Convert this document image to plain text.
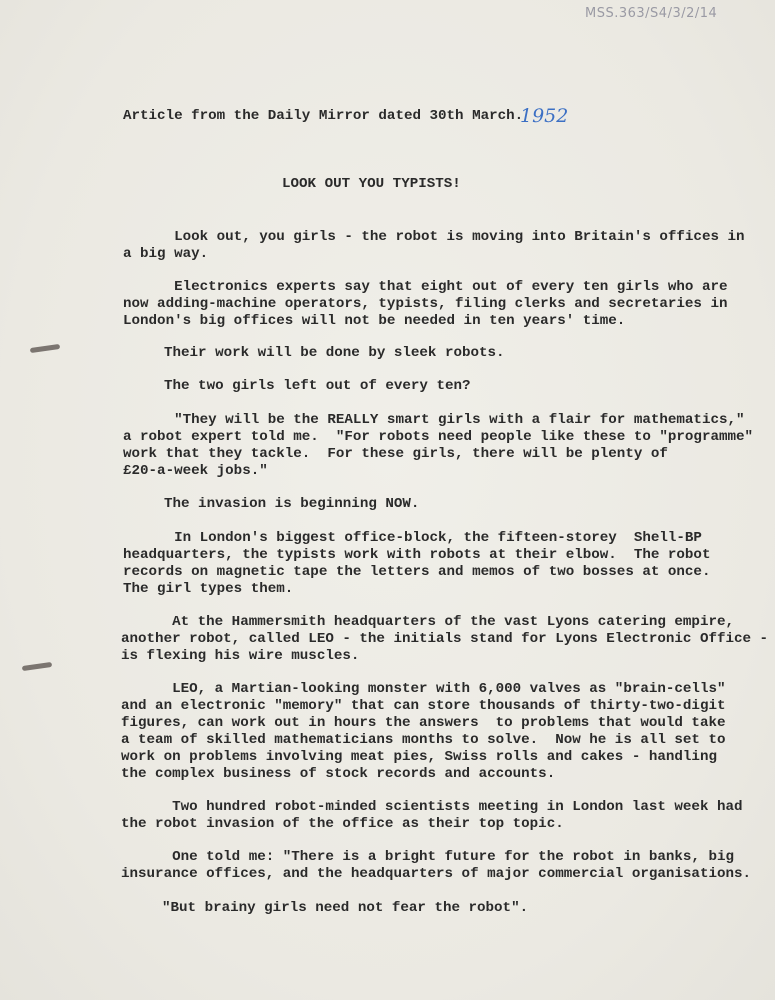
MSS.363/S4/3/2/14
Article from the Daily Mirror dated 30th March.
1952
LOOK OUT YOU TYPISTS!
Look out, you girls - the robot is moving into Britain's offices in
a big way.
Electronics experts say that eight out of every ten girls who are
now adding-machine operators, typists, filing clerks and secretaries in
London's big offices will not be needed in ten years' time.
Their work will be done by sleek robots.
The two girls left out of every ten?
"They will be the REALLY smart girls with a flair for mathematics,"
a robot expert told me.  "For robots need people like these to "programme"
work that they tackle.  For these girls, there will be plenty of
£20-a-week jobs."
The invasion is beginning NOW.
In London's biggest office-block, the fifteen-storey  Shell-BP
headquarters, the typists work with robots at their elbow.  The robot
records on magnetic tape the letters and memos of two bosses at once.
The girl types them.
At the Hammersmith headquarters of the vast Lyons catering empire,
another robot, called LEO - the initials stand for Lyons Electronic Office -
is flexing his wire muscles.
LEO, a Martian-looking monster with 6,000 valves as "brain-cells"
and an electronic "memory" that can store thousands of thirty-two-digit
figures, can work out in hours the answers  to problems that would take
a team of skilled mathematicians months to solve.  Now he is all set to
work on problems involving meat pies, Swiss rolls and cakes - handling
the complex business of stock records and accounts.
Two hundred robot-minded scientists meeting in London last week had
the robot invasion of the office as their top topic.
One told me: "There is a bright future for the robot in banks, big
insurance offices, and the headquarters of major commercial organisations.
"But brainy girls need not fear the robot".
